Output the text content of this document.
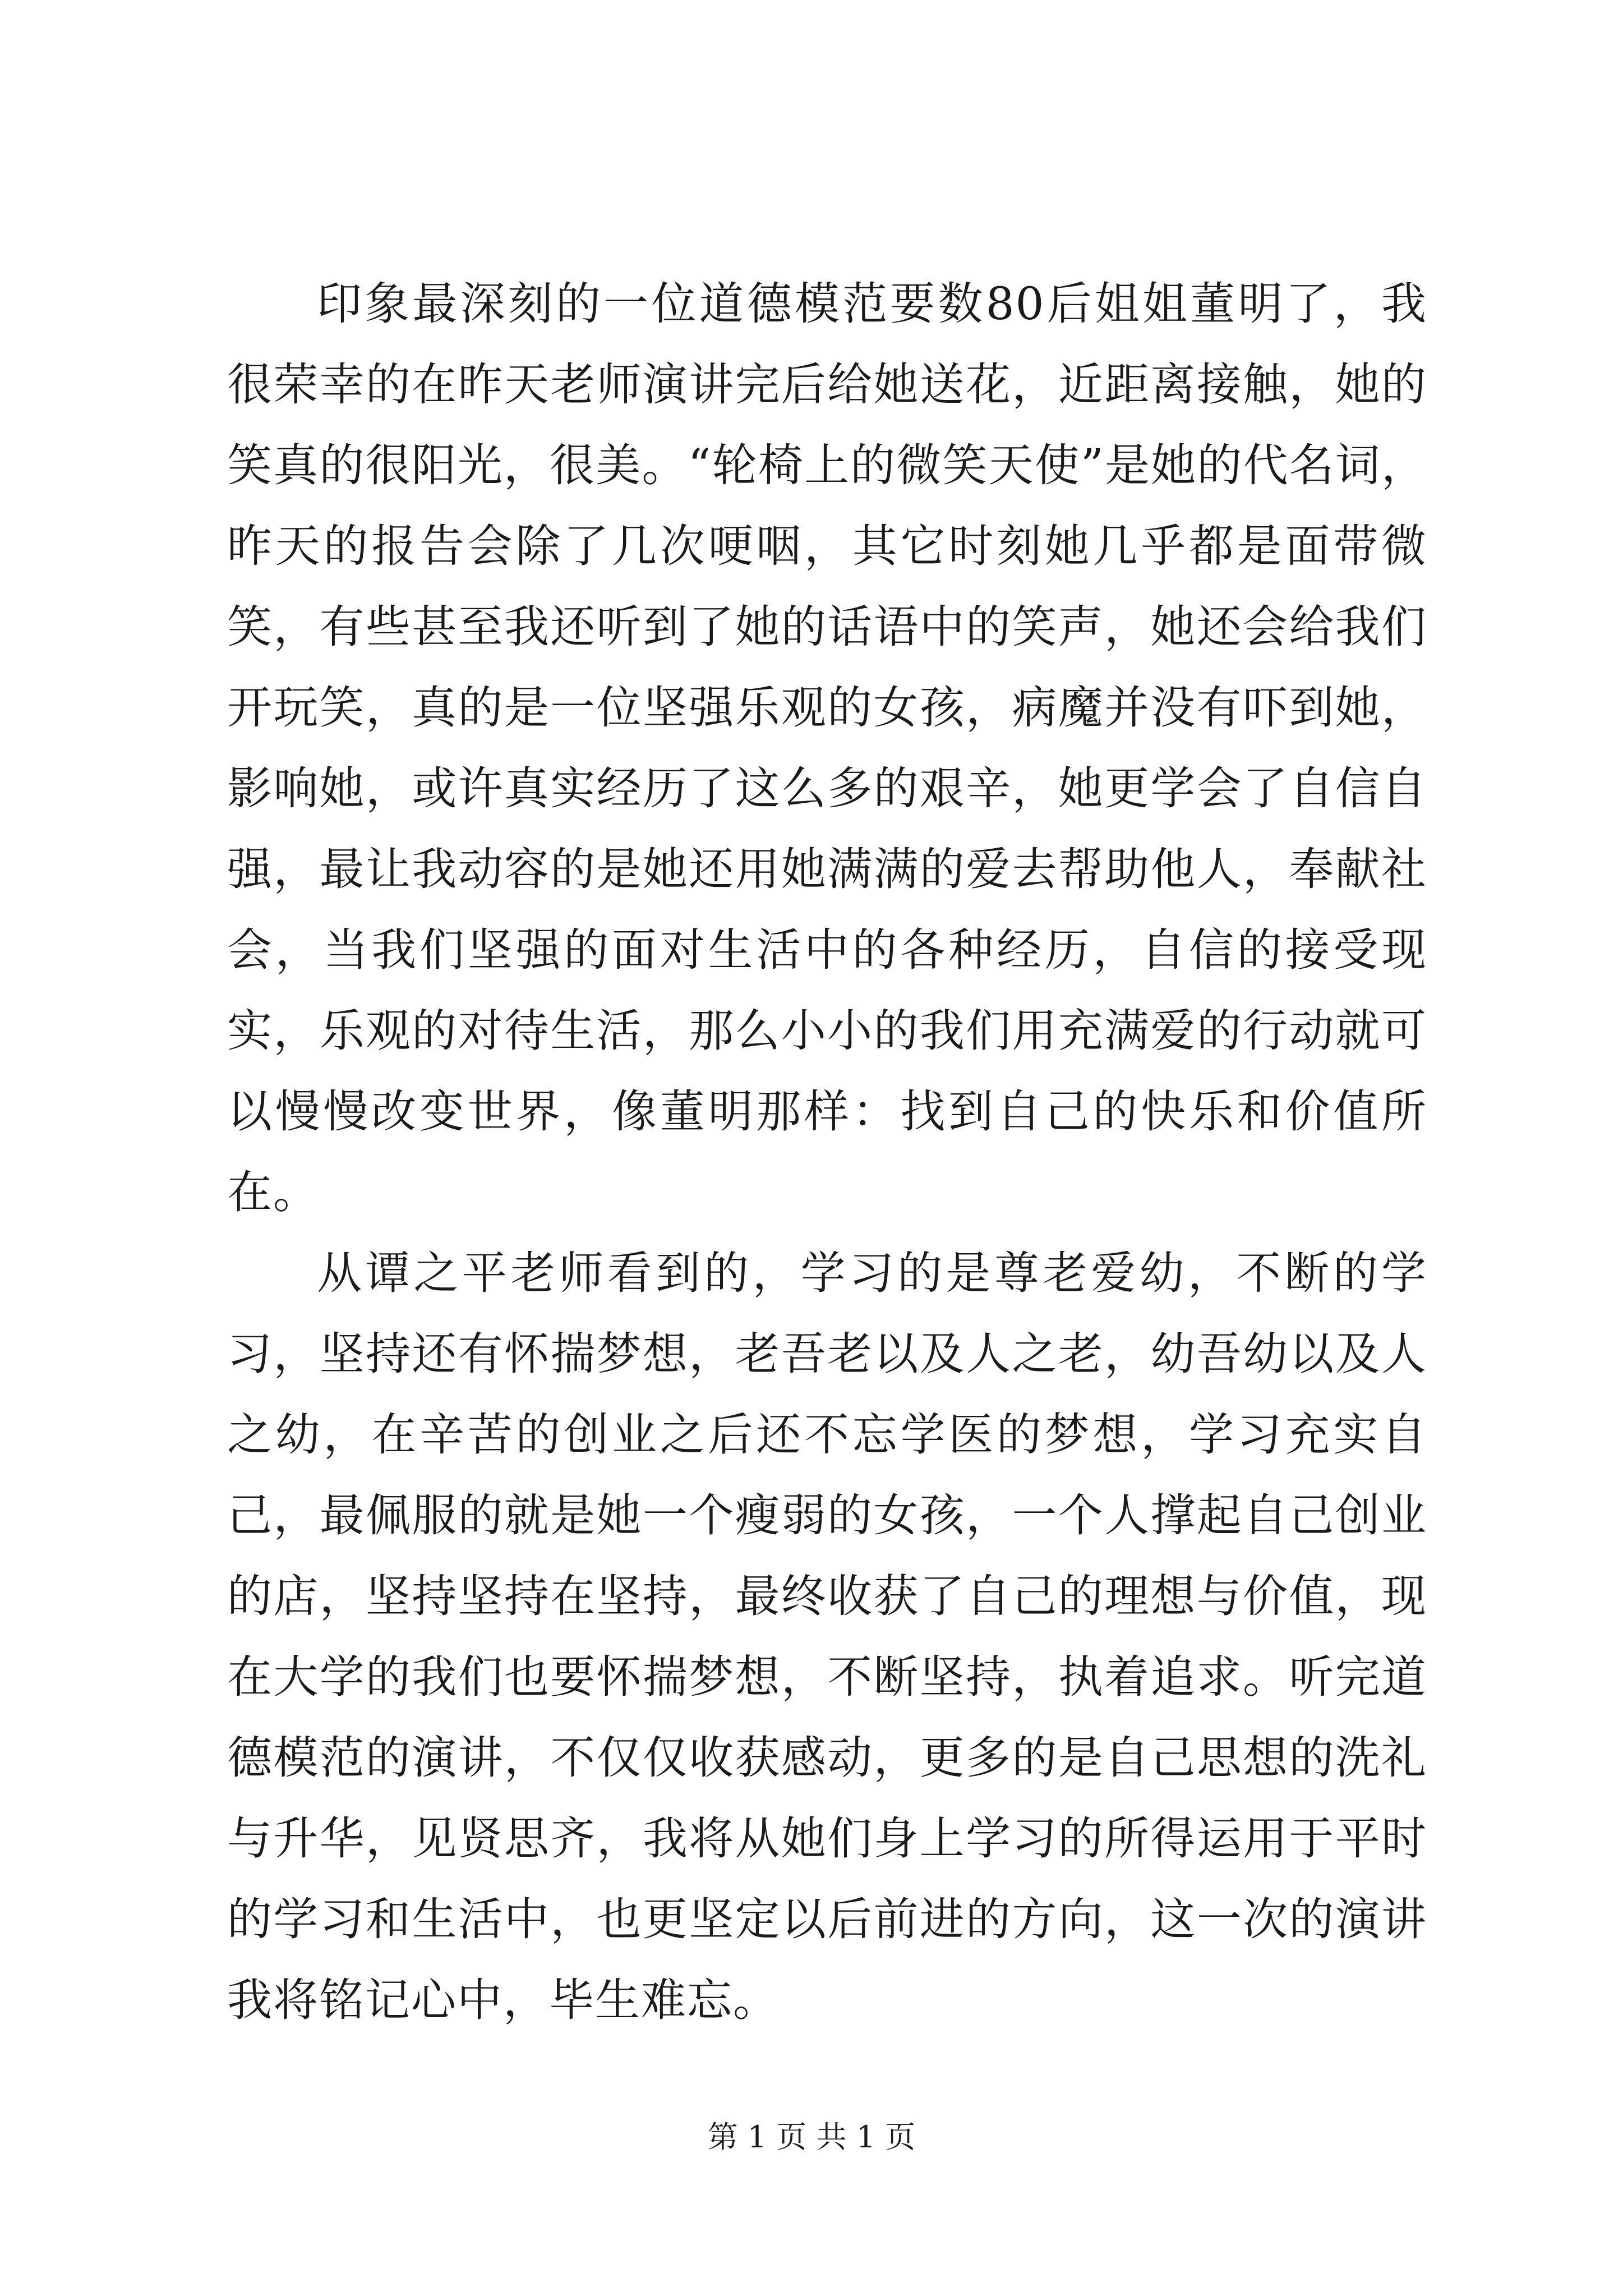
印象最深刻的一位道德模范要数80后姐姐董明了，我很荣幸的在昨天老师演讲完后给她送花，近距离接触，她的笑真的很阳光，很美。“轮椅上的微笑天使”是她的代名词，昨天的报告会除了几次哽咽，其它时刻她几乎都是面带微笑，有些甚至我还听到了她的话语中的笑声，她还会给我们开玩笑，真的是一位坚强乐观的女孩，病魔并没有吓到她，影响她，或许真实经历了这么多的艰辛，她更学会了自信自强，最让我动容的是她还用她满满的爱去帮助他人，奉献社会，当我们坚强的面对生活中的各种经历，自信的接受现实，乐观的对待生活，那么小小的我们用充满爱的行动就可以慢慢改变世界，像董明那样：找到自己的快乐和价值所在。

从谭之平老师看到的，学习的是尊老爱幼，不断的学习，坚持还有怀揣梦想，老吾老以及人之老，幼吾幼以及人之幼，在辛苦的创业之后还不忘学医的梦想，学习充实自己，最佩服的就是她一个瘦弱的女孩，一个人撑起自己创业的店，坚持坚持在坚持，最终收获了自己的理想与价值，现在大学的我们也要怀揣梦想，不断坚持，执着追求。听完道德模范的演讲，不仅仅收获感动，更多的是自己思想的洗礼与升华，见贤思齐，我将从她们身上学习的所得运用于平时的学习和生活中，也更坚定以后前进的方向，这一次的演讲我将铭记心中，毕生难忘。

第 1 页 共 1 页
